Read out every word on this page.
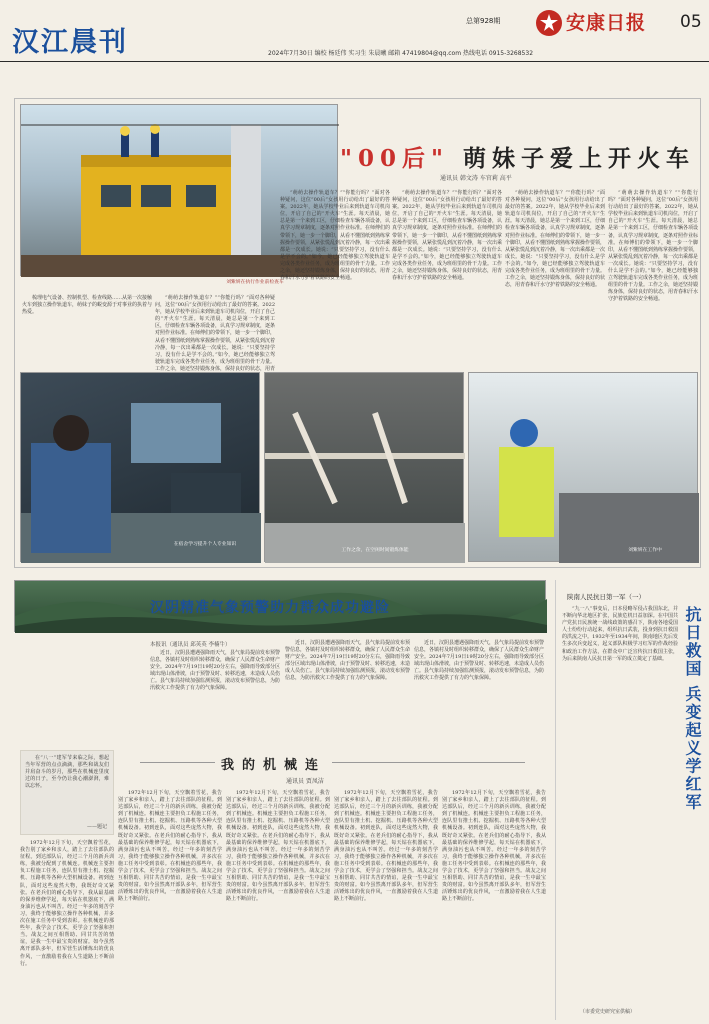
汉江晨刊
总第928期	安康日报 05
2024年7月30日 编校 杨廷伟 实习生 朱晨曦 邮箱 47419804@qq.com 热线电话 0915-3268532
刘紫妍在执行作业前检查车
"00后" 萌妹子爱上开火车
通讯员 韩文涛 车官莉 高平

梳理电气设备、控制机型、检查线路……从第一次接触火车到独立操作轨道车，萌妹子的蜕变源于对事业的执着与热爱。

“萌萌去操作轨道车？”“你能行吗？”面对各种疑问，这位“00后”女孩用行动给出了最好的答案。2022年，她从学校毕业后来到轨道车司机岗位，开启了自己的“开火车”生涯。每天清晨，她总是第一个来到工区，仔细检查车辆各项设备，认真学习规章制度，逐条对照作业标准。在师傅们的带领下，她一步一个脚印，从看不懂图纸到熟练掌握操作要领，从紧张慌乱到沉着冷静，每一次出乘都是一次成长。她说：“只要坚持学习，没有什么是学不会的。”如今，她已经能够独立驾驶轨道车完成各类作业任务，成为班组里的骨干力量。工作之余，她还坚持锻炼身体，保持良好的状态，用青

“萌萌去操作轨道车？”“你能行吗？”面对各种疑问，这位“00后”女孩用行动给出了最好的答案。2022年，她从学校毕业后来到轨道车司机岗位，开启了自己的“开火车”生涯。每天清晨，她总是第一个来到工区，仔细检查车辆各项设备，认真学习规章制度，逐条对照作业标准。在师傅们的带领下，她一步一个脚印，从看不懂图纸到熟练掌握操作要领，从紧张慌乱到沉着冷静，每一次出乘都是一次成长。她说：“只要坚持学习，没有什么是学不会的。”如今，她已经能够独立驾驶轨道车完成各类作业任务，成为班组里的骨干力量。工作之余，她还坚持锻炼身体，保持良好的状态，用青春和汗水守护着铁路的安全畅通。

“萌萌去操作轨道车？”“你能行吗？”面对各种疑问，这位“00后”女孩用行动给出了最好的答案。2022年，她从学校毕业后来到轨道车司机岗位，开启了自己的“开火车”生涯。每天清晨，她总是第一个来到工区，仔细检查车辆各项设备，认真学习规章制度，逐条对照作业标准。在师傅们的带领下，她一步一个脚印，从看不懂图纸到熟练掌握操作要领，从紧张慌乱到沉着冷静，每一次出乘都是一次成长。她说：“只要坚持学习，没有什么是学不会的。”如今，她已经能够独立驾驶轨道车完成各类作业任务，成为班组里的骨干力量。工作之余，她还坚持锻炼身体，保持良好的状态，用青春和汗水守护着铁路的安全畅通。

“萌萌去操作轨道车？”“你能行吗？”面对各种疑问，这位“00后”女孩用行动给出了最好的答案。2022年，她从学校毕业后来到轨道车司机岗位，开启了自己的“开火车”生涯。每天清晨，她总是第一个来到工区，仔细检查车辆各项设备，认真学习规章制度，逐条对照作业标准。在师傅们的带领下，她一步一个脚印，从看不懂图纸到熟练掌握操作要领，从紧张慌乱到沉着冷静，每一次出乘都是一次成长。她说：“只要坚持学习，没有什么是学不会的。”如今，她已经能够独立驾驶轨道车完成各类作业任务，成为班组里的骨干力量。工作之余，她还坚持锻炼身体，保持良好的状态，用青春和汗水守护着铁路的安全畅通。

“萌萌去操作轨道车？”“你能行吗？”面对各种疑问，这位“00后”女孩用行动给出了最好的答案。2022年，她从学校毕业后来到轨道车司机岗位，开启了自己的“开火车”生涯。每天清晨，她总是第一个来到工区，仔细检查车辆各项设备，认真学习规章制度，逐条对照作业标准。在师傅们的带领下，她一步一个脚印，从看不懂图纸到熟练掌握操作要领，从紧张慌乱到沉着冷静，每一次出乘都是一次成长。她说：“只要坚持学习，没有什么是学不会的。”如今，她已经能够独立驾驶轨道车完成各类作业任务，成为班组里的骨干力量。工作之余，她还坚持锻炼身体，保持良好的状态，用青春和汗水守护着铁路的安全畅通。

在宿舍学习提升个人专业知识
工作之余，在空闲时间锻炼体能	刘紫妍在工作中
汉阴精准气象预警助力群众成功避险
本报讯（通讯员 邱英英 李楠牛）

近日，汉阴县遭遇强降雨天气，县气象局提前发布预警信息，各镇村及时组织转移群众，确保了人民群众生命财产安全。2024年7月19日19时20分左右，强降雨导致部分区域出现山体滑坡，由于预警及时、转移迅速，未造成人员伤亡。县气象局持续加强监测预报，滚动发布预警信息，为防汛救灾工作提供了有力的气象保障。

近日，汉阴县遭遇强降雨天气，县气象局提前发布预警信息，各镇村及时组织转移群众，确保了人民群众生命财产安全。2024年7月19日19时20分左右，强降雨导致部分区域出现山体滑坡，由于预警及时、转移迅速，未造成人员伤亡。县气象局持续加强监测预报，滚动发布预警信息，为防汛救灾工作提供了有力的气象保障。

近日，汉阴县遭遇强降雨天气，县气象局提前发布预警信息，各镇村及时组织转移群众，确保了人民群众生命财产安全。2024年7月19日19时20分左右，强降雨导致部分区域出现山体滑坡，由于预警及时、转移迅速，未造成人员伤亡。县气象局持续加强监测预报，滚动发布预警信息，为防汛救灾工作提供了有力的气象保障。

陕南人民抗日第一军（一）
抗日救国 兵变起义学红军

“九一八”事变后，日本侵略军侵占我国东北，并不断向华北地区扩张，民族危机日益加深。在中国共产党抗日民族统一战线政策的感召下，陕南各地爱国人士纷纷行动起来，组织抗日武装，投身到抗日救国的洪流之中。1932年至1934年间，陕南地区先后发生多次兵变起义，起义部队积极学习红军的作战经验和政治工作方法，在群众中广泛宣传抗日救国主张，为后来陕南人民抗日第一军的成立奠定了基础。

（市委党史研究室供稿）
我的机械连
通讯员 贾凤洁

在“八一”建军节来临之际，想起当年军营的点点滴滴，那些和战友们并肩奋斗的岁月，那些在机械连里度过的日子，至今仍让我心潮澎湃，难以忘怀。

——题记

1972年12月下旬，天空飘着雪花，我告别了家乡和亲人，踏上了去往部队的征程。到达部队后，经过三个月的新兵训练，我被分配到了机械连。机械连主要担负工程施工任务，连队里有推土机、挖掘机、压路机等各种大型机械设备。初到连队，面对这些庞然大物，我既好奇又紧张。在老兵们的耐心指导下，我从最基础的保养维修学起，每天钻在机器底下，满身油污也从不叫苦。经过一年多的刻苦学习，我终于能够独立操作各种机械，并多次在施工任务中受到表彰。在机械连的那些年，我学会了技术，更学会了坚强和担当。战友之间互相帮助、同甘共苦的情谊，是我一生中最宝贵的财富。如今虽然离开部队多年，但军营生活锤炼出的优良作风，一直激励着我在人生道路上不断前行。

1972年12月下旬，天空飘着雪花，我告别了家乡和亲人，踏上了去往部队的征程。到达部队后，经过三个月的新兵训练，我被分配到了机械连。机械连主要担负工程施工任务，连队里有推土机、挖掘机、压路机等各种大型机械设备。初到连队，面对这些庞然大物，我既好奇又紧张。在老兵们的耐心指导下，我从最基础的保养维修学起，每天钻在机器底下，满身油污也从不叫苦。经过一年多的刻苦学习，我终于能够独立操作各种机械，并多次在施工任务中受到表彰。在机械连的那些年，我学会了技术，更学会了坚强和担当。战友之间互相帮助、同甘共苦的情谊，是我一生中最宝贵的财富。如今虽然离开部队多年，但军营生活锤炼出的优良作风，一直激励着我在人生道路上不断前行。

1972年12月下旬，天空飘着雪花，我告别了家乡和亲人，踏上了去往部队的征程。到达部队后，经过三个月的新兵训练，我被分配到了机械连。机械连主要担负工程施工任务，连队里有推土机、挖掘机、压路机等各种大型机械设备。初到连队，面对这些庞然大物，我既好奇又紧张。在老兵们的耐心指导下，我从最基础的保养维修学起，每天钻在机器底下，满身油污也从不叫苦。经过一年多的刻苦学习，我终于能够独立操作各种机械，并多次在施工任务中受到表彰。在机械连的那些年，我学会了技术，更学会了坚强和担当。战友之间互相帮助、同甘共苦的情谊，是我一生中最宝贵的财富。如今虽然离开部队多年，但军营生活锤炼出的优良作风，一直激励着我在人生道路上不断前行。

1972年12月下旬，天空飘着雪花，我告别了家乡和亲人，踏上了去往部队的征程。到达部队后，经过三个月的新兵训练，我被分配到了机械连。机械连主要担负工程施工任务，连队里有推土机、挖掘机、压路机等各种大型机械设备。初到连队，面对这些庞然大物，我既好奇又紧张。在老兵们的耐心指导下，我从最基础的保养维修学起，每天钻在机器底下，满身油污也从不叫苦。经过一年多的刻苦学习，我终于能够独立操作各种机械，并多次在施工任务中受到表彰。在机械连的那些年，我学会了技术，更学会了坚强和担当。战友之间互相帮助、同甘共苦的情谊，是我一生中最宝贵的财富。如今虽然离开部队多年，但军营生活锤炼出的优良作风，一直激励着我在人生道路上不断前行。

1972年12月下旬，天空飘着雪花，我告别了家乡和亲人，踏上了去往部队的征程。到达部队后，经过三个月的新兵训练，我被分配到了机械连。机械连主要担负工程施工任务，连队里有推土机、挖掘机、压路机等各种大型机械设备。初到连队，面对这些庞然大物，我既好奇又紧张。在老兵们的耐心指导下，我从最基础的保养维修学起，每天钻在机器底下，满身油污也从不叫苦。经过一年多的刻苦学习，我终于能够独立操作各种机械，并多次在施工任务中受到表彰。在机械连的那些年，我学会了技术，更学会了坚强和担当。战友之间互相帮助、同甘共苦的情谊，是我一生中最宝贵的财富。如今虽然离开部队多年，但军营生活锤炼出的优良作风，一直激励着我在人生道路上不断前行。
